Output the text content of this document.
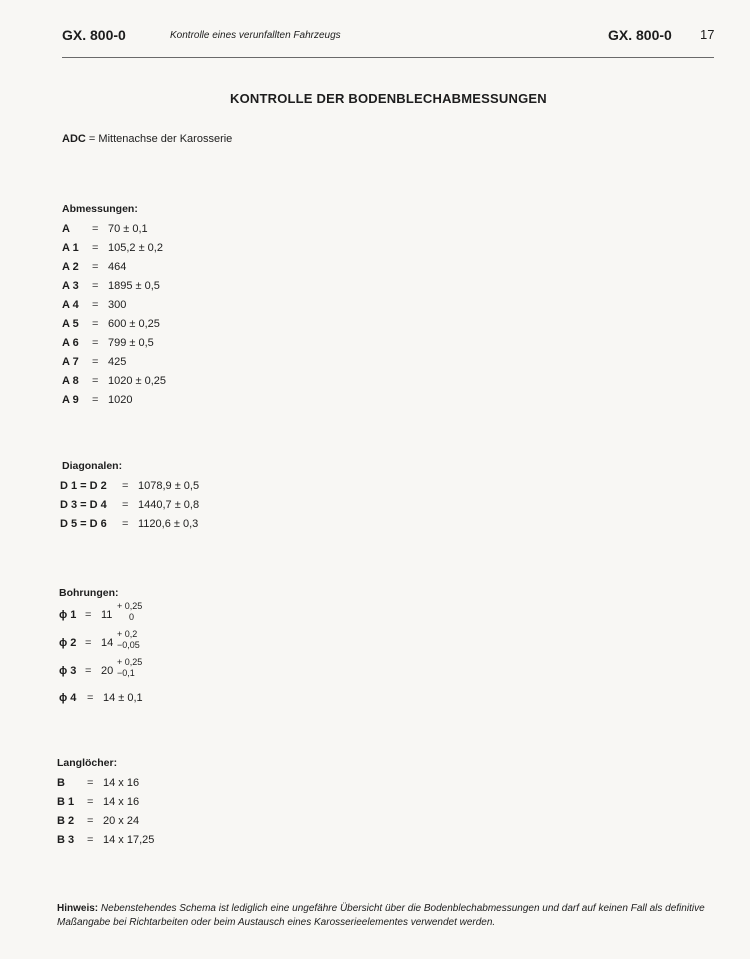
GX. 800-0	Kontrolle eines verunfallten Fahrzeugs	GX. 800-0 17
KONTROLLE DER BODENBLECHABMESSUNGEN
ADC = Mittenachse der Karosserie
Abmessungen:
A = 70 ± 0,1
A 1 = 105,2 ± 0,2
A 2 = 464
A 3 = 1895 ± 0,5
A 4 = 300
A 5 = 600 ± 0,25
A 6 = 799 ± 0,5
A 7 = 425
A 8 = 1020 ± 0,25
A 9 = 1020
Diagonalen:
D 1 = D 2 = 1078,9 ± 0,5
D 3 = D 4 = 1440,7 ± 0,8
D 5 = D 6 = 1120,6 ± 0,3
Bohrungen:
ϕ 1 = 11
+ 0,25
0
ϕ 2 = 14
+ 0,2
−0,05
ϕ 3 = 20
+ 0,25
−0,1
ϕ 4 = 14 ± 0,1
Langlöcher:
B = 14 x 16
B 1 = 14 x 16
B 2 = 20 x 24
B 3 = 14 x 17,25
Hinweis: Nebenstehendes Schema ist lediglich eine ungefähre Übersicht über die Bodenblechabmessungen und darf auf keinen Fall als definitive Maßangabe bei Richtarbeiten oder beim Austausch eines Karosserieelementes verwendet werden.
